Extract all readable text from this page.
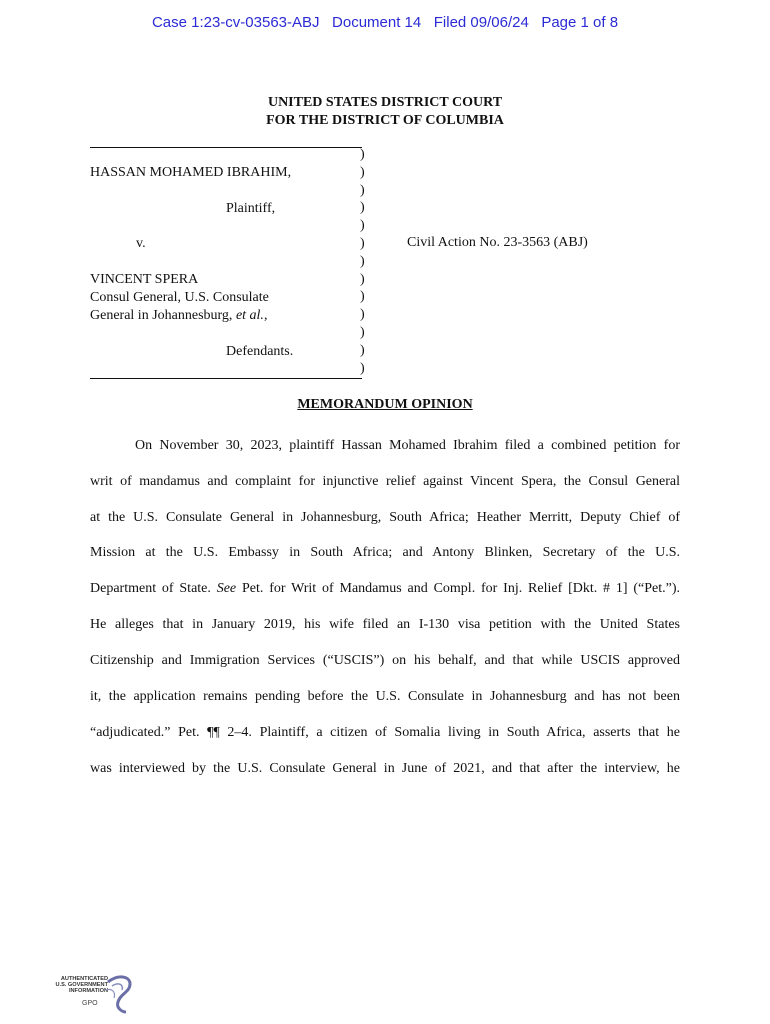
Case 1:23-cv-03563-ABJ   Document 14   Filed 09/06/24   Page 1 of 8
UNITED STATES DISTRICT COURT
FOR THE DISTRICT OF COLUMBIA
HASSAN MOHAMED IBRAHIM,
Plaintiff,
v.
VINCENT SPERA
Consul General, U.S. Consulate
General in Johannesburg, et al.,
Defendants.
)
)
)
)
)
)
)
)
)
)
)
)
)
Civil Action No. 23-3563 (ABJ)
MEMORANDUM OPINION
On November 30, 2023, plaintiff Hassan Mohamed Ibrahim filed a combined petition for
writ of mandamus and complaint for injunctive relief against Vincent Spera, the Consul General
at the U.S. Consulate General in Johannesburg, South Africa; Heather Merritt, Deputy Chief of
Mission at the U.S. Embassy in South Africa; and Antony Blinken, Secretary of the U.S.
Department of State. See Pet. for Writ of Mandamus and Compl. for Inj. Relief [Dkt. # 1] (“Pet.”).
He alleges that in January 2019, his wife filed an I-130 visa petition with the United States
Citizenship and Immigration Services (“USCIS”) on his behalf, and that while USCIS approved
it, the application remains pending before the U.S. Consulate in Johannesburg and has not been
“adjudicated.” Pet. ¶¶ 2–4. Plaintiff, a citizen of Somalia living in South Africa, asserts that he
was interviewed by the U.S. Consulate General in June of 2021, and that after the interview, he
AUTHENTICATED
U.S. GOVERNMENT
INFORMATION
GPO
